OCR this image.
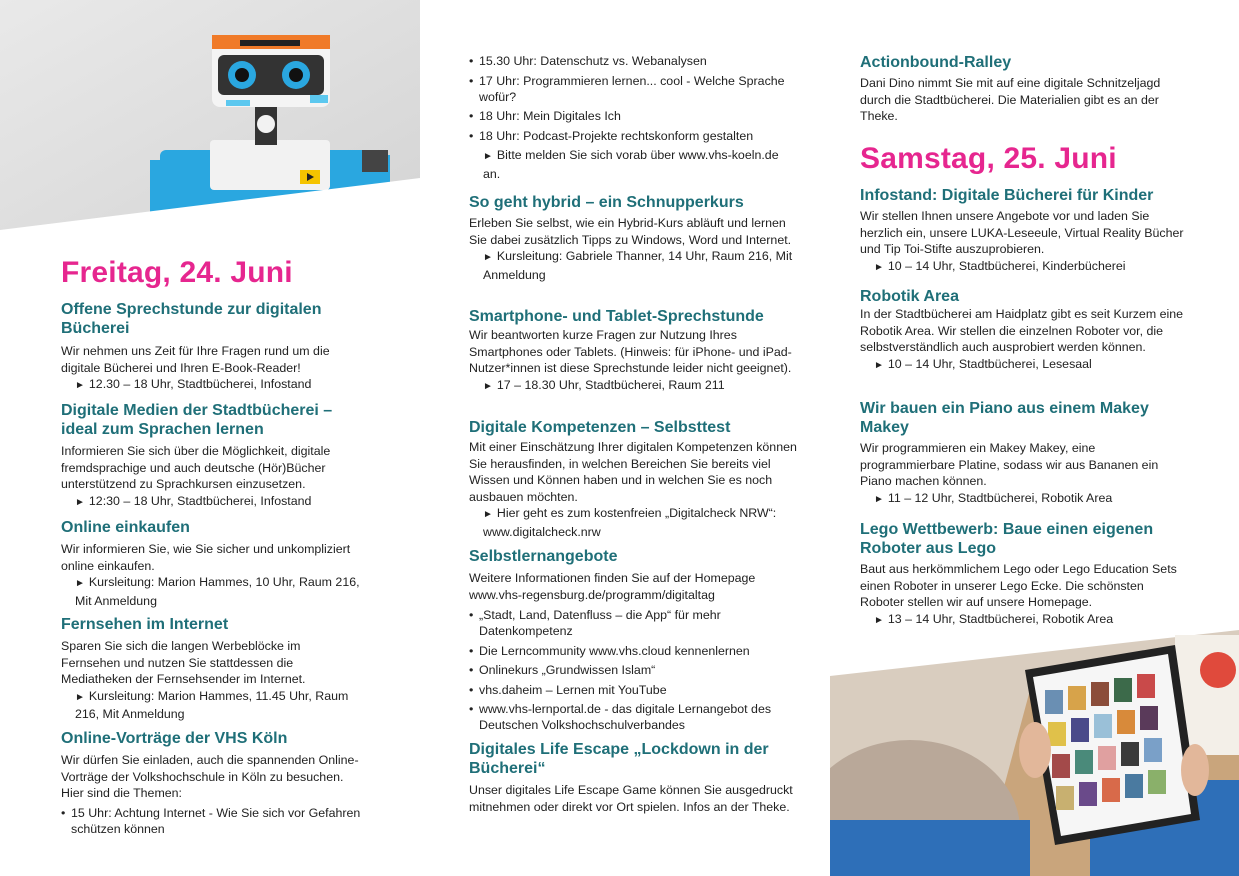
Freitag, 24. Juni
Offene Sprechstunde zur digitalen Bücherei
Wir nehmen uns Zeit für Ihre Fragen rund um die digitale Bücherei und Ihren E-Book-Reader!
► 12.30 – 18 Uhr, Stadtbücherei, Infostand
Digitale Medien der Stadtbücherei – ideal zum Sprachen lernen
Informieren Sie sich über die Möglichkeit, digitale fremdsprachige und auch deutsche (Hör)Bücher unterstützend zu Sprachkursen einzusetzen.
► 12:30 – 18 Uhr, Stadtbücherei, Infostand
Online einkaufen
Wir informieren Sie, wie Sie sicher und unkompliziert online einkaufen.
► Kursleitung: Marion Hammes, 10 Uhr, Raum 216, Mit Anmeldung
Fernsehen im Internet
Sparen Sie sich die langen Werbeblöcke im Fernsehen und nutzen Sie stattdessen die Mediatheken der Fernsehsender im Internet.
► Kursleitung: Marion Hammes, 11.45 Uhr, Raum 216, Mit Anmeldung
Online-Vorträge der VHS Köln
Wir dürfen Sie einladen, auch die spannenden Online-Vorträge der Volkshochschule in Köln zu besuchen. Hier sind die Themen:
• 15 Uhr: Achtung Internet - Wie Sie sich vor Gefahren schützen können
• 15.30 Uhr: Datenschutz vs. Webanalysen
• 17 Uhr: Programmieren lernen... cool - Welche Sprache wofür?
• 18 Uhr: Mein Digitales Ich
• 18 Uhr: Podcast-Projekte rechtskonform gestalten
► Bitte melden Sie sich vorab über www.vhs-koeln.de an.
So geht hybrid – ein Schnupperkurs
Erleben Sie selbst, wie ein Hybrid-Kurs abläuft und lernen Sie dabei zusätzlich Tipps zu Windows, Word und Internet.
► Kursleitung: Gabriele Thanner, 14 Uhr, Raum 216, Mit Anmeldung
Smartphone- und Tablet-Sprechstunde
Wir beantworten kurze Fragen zur Nutzung Ihres Smartphones oder Tablets. (Hinweis: für iPhone- und iPad-Nutzer*innen ist diese Sprechstunde leider nicht geeignet).
► 17 – 18.30 Uhr, Stadtbücherei, Raum 211
Digitale Kompetenzen – Selbsttest
Mit einer Einschätzung Ihrer digitalen Kompetenzen können Sie herausfinden, in welchen Bereichen Sie bereits viel Wissen und Können haben und in welchen Sie es noch ausbauen möchten.
► Hier geht es zum kostenfreien „Digitalcheck NRW“: www.digitalcheck.nrw
Selbstlernangebote
Weitere Informationen finden Sie auf der Homepage www.vhs-regensburg.de/programm/digitaltag
• „Stadt, Land, Datenfluss – die App“ für mehr Datenkompetenz
• Die Lerncommunity www.vhs.cloud kennenlernen
• Onlinekurs „Grundwissen Islam“
• vhs.daheim – Lernen mit YouTube
• www.vhs-lernportal.de - das digitale Lernangebot des Deutschen Volkshochschulverbandes
Digitales Life Escape „Lockdown in der Bücherei“
Unser digitales Life Escape Game können Sie ausgedruckt mitnehmen oder direkt vor Ort spielen. Infos an der Theke.
Actionbound-Ralley
Dani Dino nimmt Sie mit auf eine digitale Schnitzeljagd durch die Stadtbücherei. Die Materialien gibt es an der Theke.
Samstag, 25. Juni
Infostand: Digitale Bücherei für Kinder
Wir stellen Ihnen unsere Angebote vor und laden Sie herzlich ein, unsere LUKA-Leseeule, Virtual Reality Bücher und Tip Toi-Stifte auszuprobieren.
► 10 – 14 Uhr, Stadtbücherei, Kinderbücherei
Robotik Area
In der Stadtbücherei am Haidplatz gibt es seit Kurzem eine Robotik Area. Wir stellen die einzelnen Roboter vor, die selbstverständlich auch ausprobiert werden können.
► 10 – 14 Uhr, Stadtbücherei, Lesesaal
Wir bauen ein Piano aus einem Makey Makey
Wir programmieren ein Makey Makey, eine programmierbare Platine, sodass wir aus Bananen ein Piano machen können.
► 11 – 12 Uhr, Stadtbücherei, Robotik Area
Lego Wettbewerb: Baue einen eigenen Roboter aus Lego
Baut aus herkömmlichem Lego oder Lego Education Sets einen Roboter in unserer Lego Ecke. Die schönsten Roboter stellen wir auf unsere Homepage.
► 13 – 14 Uhr, Stadtbücherei, Robotik Area
